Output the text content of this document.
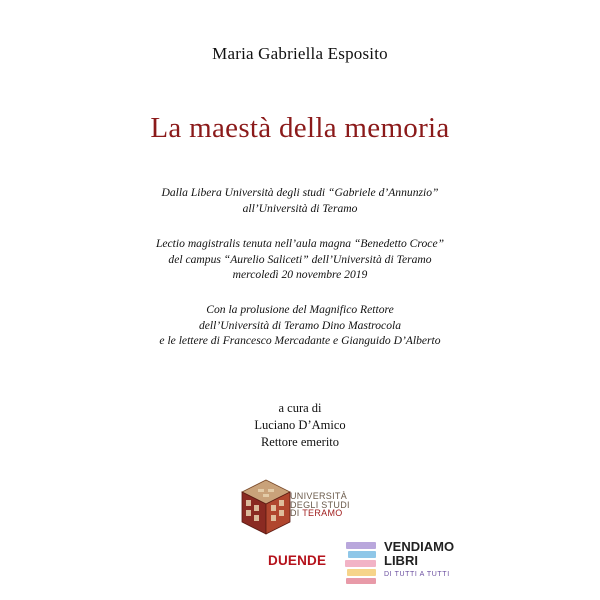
Maria Gabriella Esposito
La maestà della memoria
Dalla Libera Università degli studi “Gabriele d’Annunzio”
all’Università di Teramo
Lectio magistralis tenuta nell’aula magna “Benedetto Croce”
del campus “Aurelio Saliceti” dell’Università di Teramo
mercoledì 20 novembre 2019
Con la prolusione del Magnifico Rettore
dell’Università di Teramo Dino Mastrocola
e le lettere di Francesco Mercadante e Gianguido D’Alberto
a cura di
Luciano D’Amico
Rettore emerito
UNIVERSITÀ
DEGLI STUDI
DI TERAMO
DUENDE
VENDIAMO
LIBRI
DI TUTTI A TUTTI
